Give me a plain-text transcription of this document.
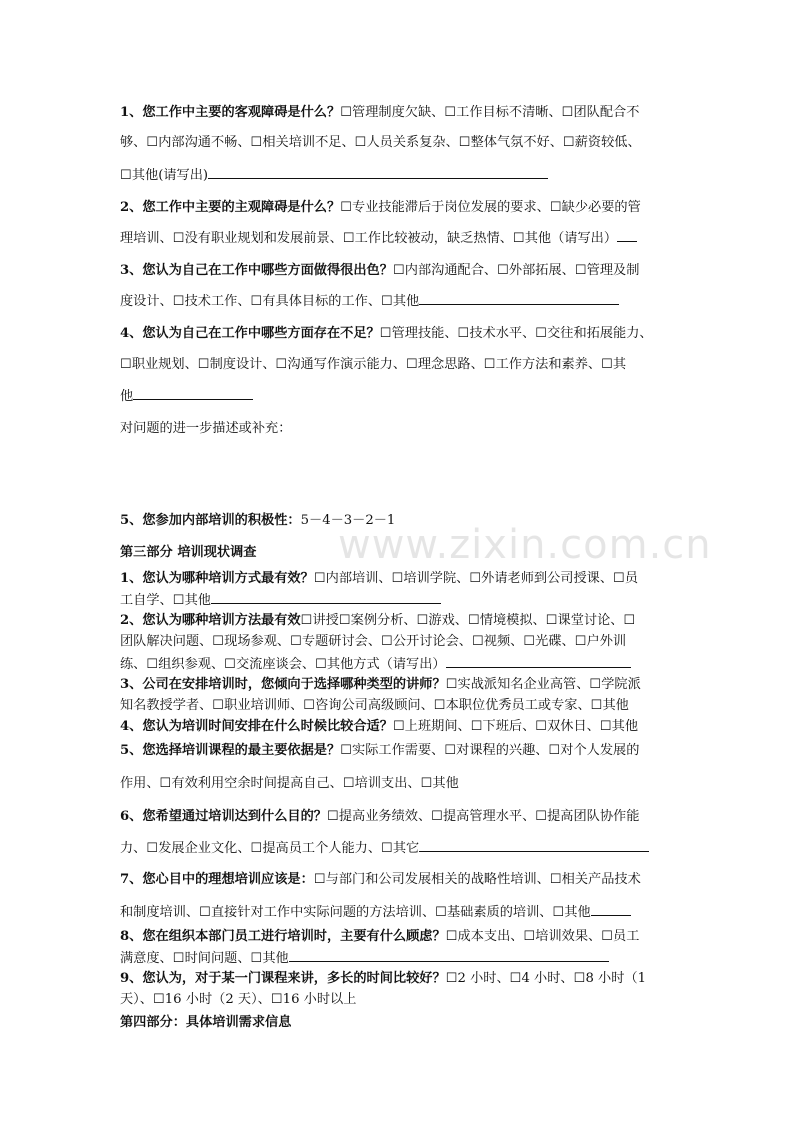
www.zixin.com.cn
1、您工作中主要的客观障碍是什么？☐管理制度欠缺、☐工作目标不清晰、☐团队配合不
够、☐内部沟通不畅、☐相关培训不足、☐人员关系复杂、☐整体气氛不好、☐薪资较低、
☐其他(请写出)
2、您工作中主要的主观障碍是什么？☐专业技能滞后于岗位发展的要求、☐缺少必要的管
理培训、☐没有职业规划和发展前景、☐工作比较被动，缺乏热情、☐其他（请写出）
3、您认为自己在工作中哪些方面做得很出色？☐内部沟通配合、☐外部拓展、☐管理及制
度设计、☐技术工作、☐有具体目标的工作、☐其他
4、您认为自己在工作中哪些方面存在不足？☐管理技能、☐技术水平、☐交往和拓展能力、
☐职业规划、☐制度设计、☐沟通写作演示能力、☐理念思路、☐工作方法和素养、☐其
他
对问题的进一步描述或补充：
5、您参加内部培训的积极性：5－4－3－2－1
第三部分 培训现状调查
1、您认为哪种培训方式最有效？☐内部培训、☐培训学院、☐外请老师到公司授课、☐员
工自学、☐其他
2、您认为哪种培训方法最有效☐讲授☐案例分析、☐游戏、☐情境模拟、☐课堂讨论、☐
团队解决问题、☐现场参观、☐专题研讨会、☐公开讨论会、☐视频、☐光碟、☐户外训
练、☐组织参观、☐交流座谈会、☐其他方式（请写出）
3、公司在安排培训时，您倾向于选择哪种类型的讲师？☐实战派知名企业高管、☐学院派
知名教授学者、☐职业培训师、☐咨询公司高级顾问、☐本职位优秀员工或专家、☐其他
4、您认为培训时间安排在什么时候比较合适？☐上班期间、☐下班后、☐双休日、☐其他
5、您选择培训课程的最主要依据是？☐实际工作需要、☐对课程的兴趣、☐对个人发展的
作用、☐有效利用空余时间提高自己、☐培训支出、☐其他
6、您希望通过培训达到什么目的？☐提高业务绩效、☐提高管理水平、☐提高团队协作能
力、☐发展企业文化、☐提高员工个人能力、☐其它
7、您心目中的理想培训应该是：☐与部门和公司发展相关的战略性培训、☐相关产品技术
和制度培训、☐直接针对工作中实际问题的方法培训、☐基础素质的培训、☐其他
8、您在组织本部门员工进行培训时，主要有什么顾虑？☐成本支出、☐培训效果、☐员工
满意度、☐时间问题、☐其他
9、您认为，对于某一门课程来讲，多长的时间比较好？☐2 小时、☐4 小时、☐8 小时（1
天）、☐16 小时（2 天）、☐16 小时以上
第四部分：具体培训需求信息
